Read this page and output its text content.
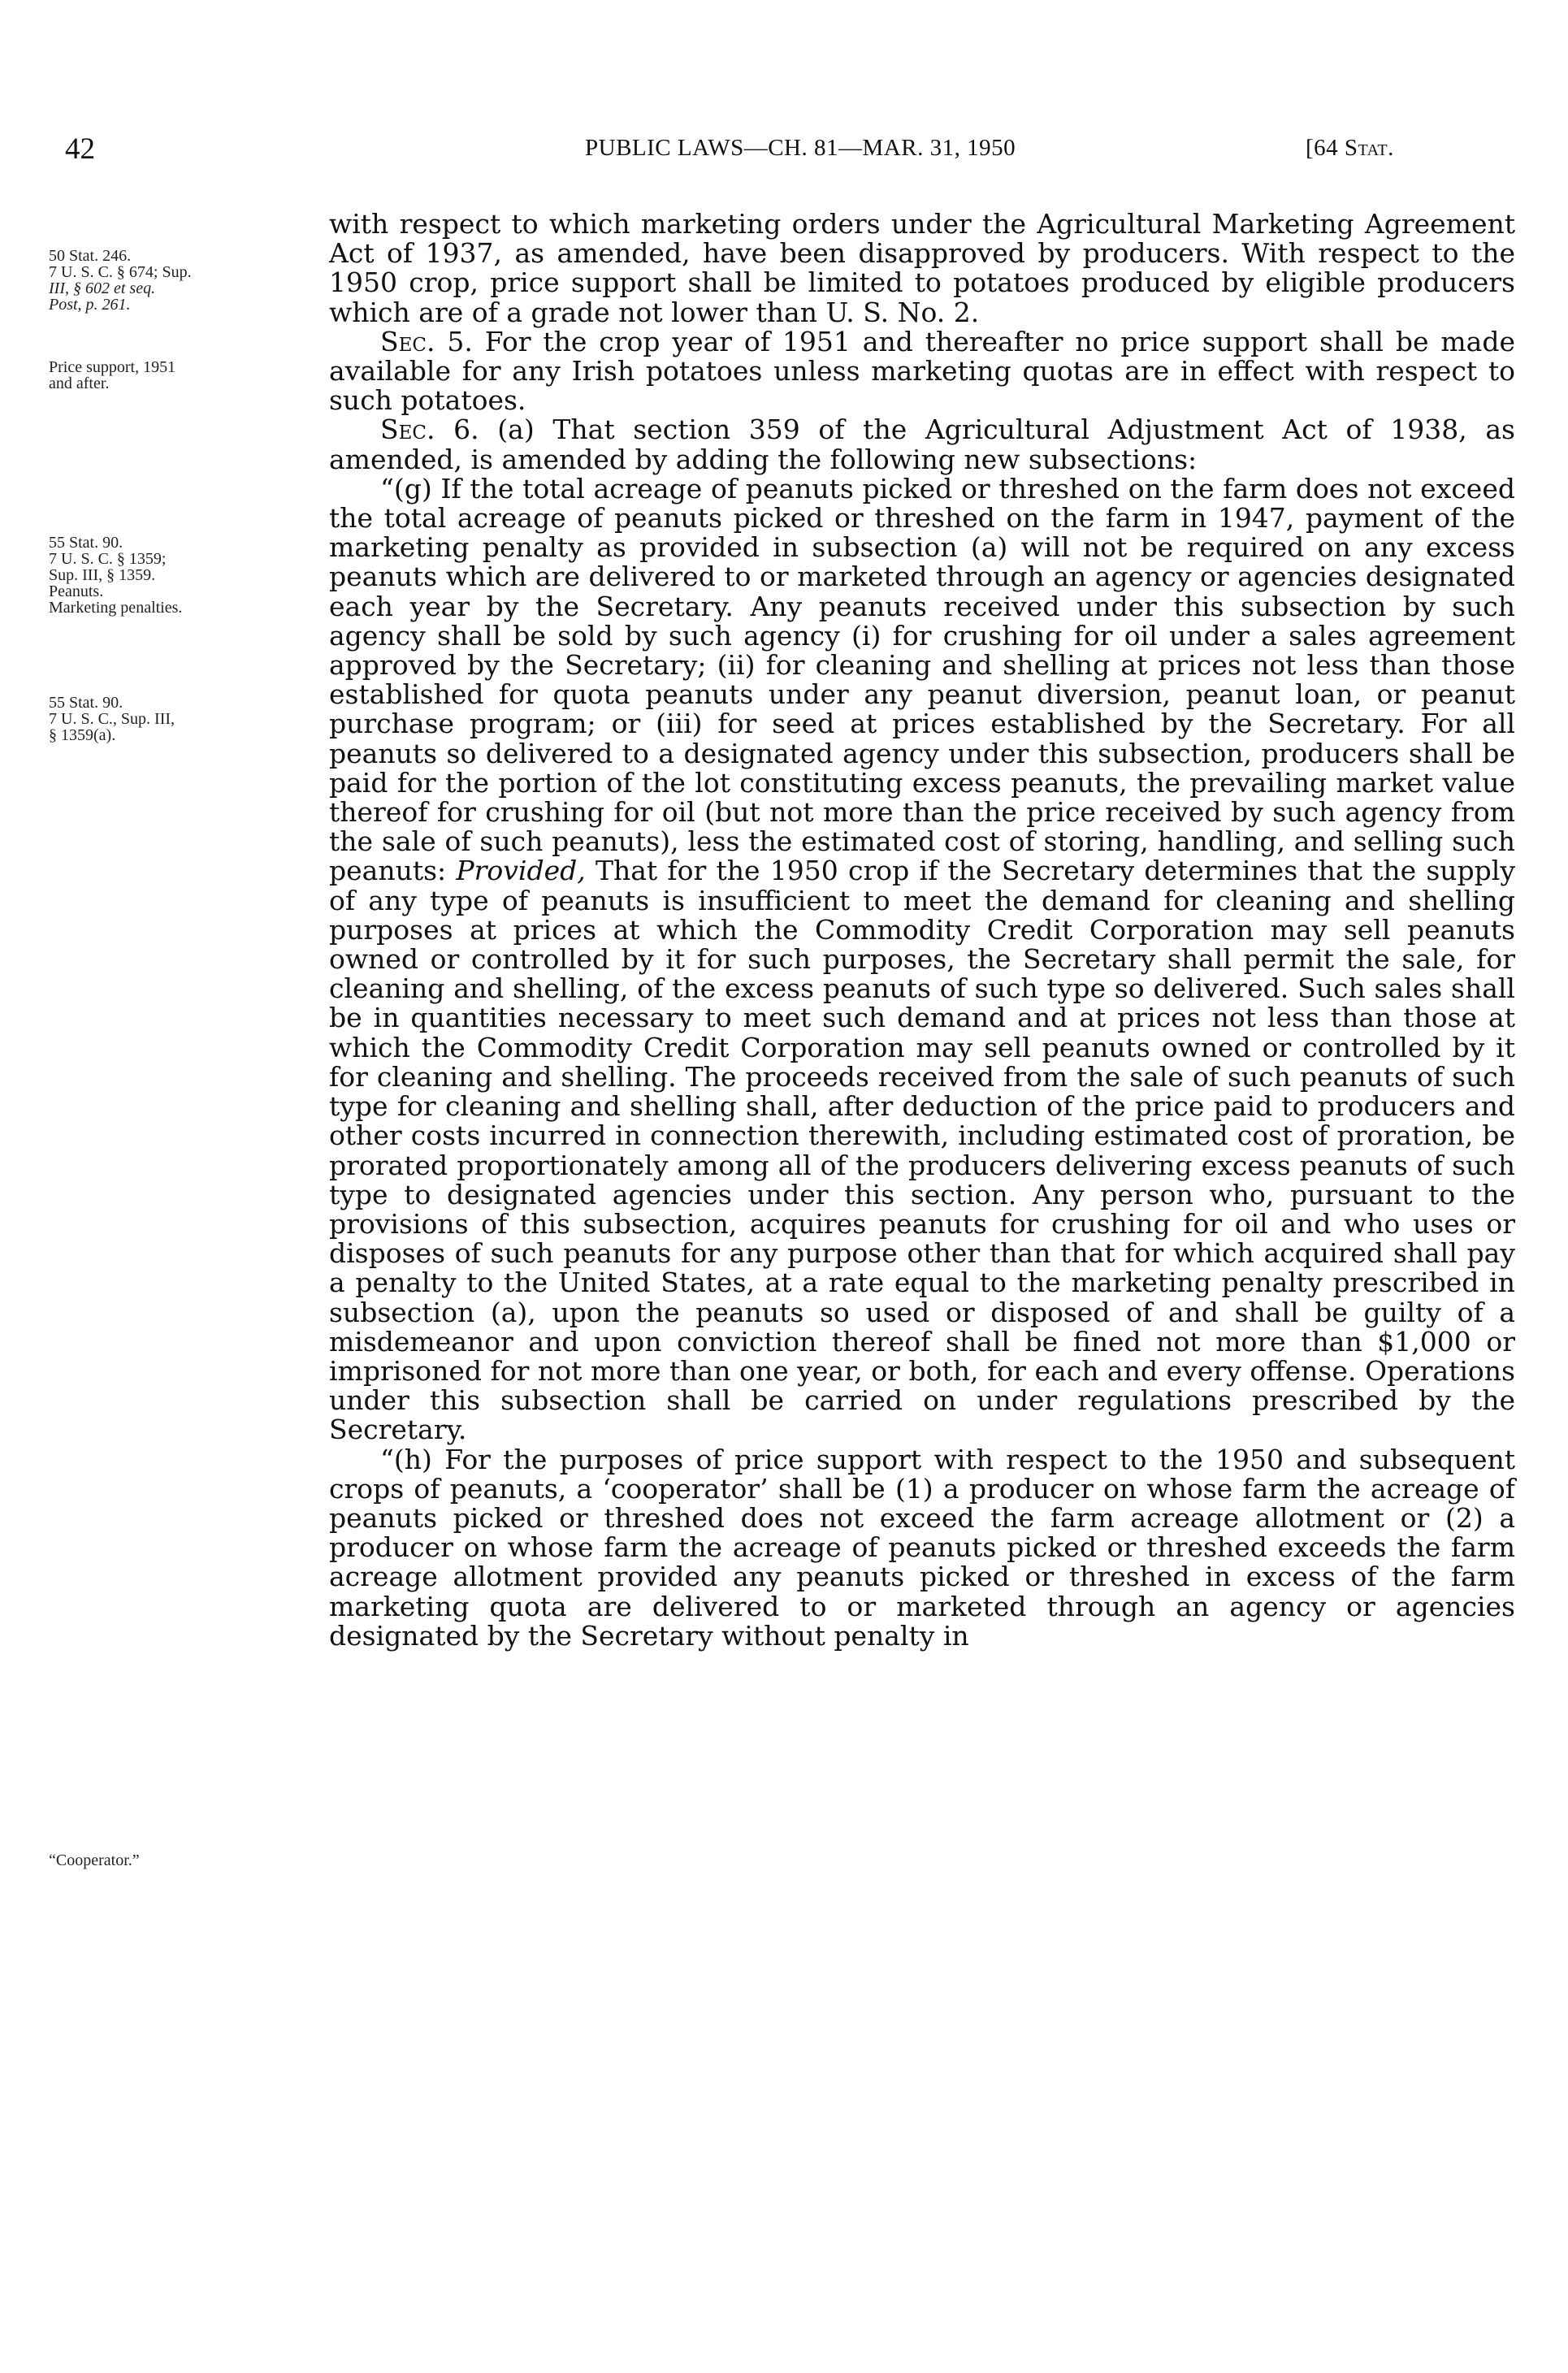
42	PUBLIC LAWS—CH. 81—MAR. 31, 1950	[64 Stat.
50 Stat. 246.
7 U. S. C. § 674; Sup.
III, § 602 et seq.
Post, p. 261.
Price support, 1951
and after.
55 Stat. 90.
7 U. S. C. § 1359;
Sup. III, § 1359.
Peanuts.
Marketing penalties.
55 Stat. 90.
7 U. S. C., Sup. III,
§ 1359(a).
“Cooperator.”

with respect to which marketing orders under the Agricultural Marketing Agreement Act of 1937, as amended, have been disapproved by producers. With respect to the 1950 crop, price support shall be limited to potatoes produced by eligible producers which are of a grade not lower than U. S. No. 2.

Sec. 5. For the crop year of 1951 and thereafter no price support shall be made available for any Irish potatoes unless marketing quotas are in effect with respect to such potatoes.

Sec. 6. (a) That section 359 of the Agricultural Adjustment Act of 1938, as amended, is amended by adding the following new subsections:

“(g) If the total acreage of peanuts picked or threshed on the farm does not exceed the total acreage of peanuts picked or threshed on the farm in 1947, payment of the marketing penalty as provided in subsection (a) will not be required on any excess peanuts which are delivered to or marketed through an agency or agencies designated each year by the Secretary. Any peanuts received under this subsection by such agency shall be sold by such agency (i) for crushing for oil under a sales agreement approved by the Secretary; (ii) for cleaning and shelling at prices not less than those established for quota peanuts under any peanut diversion, peanut loan, or peanut purchase program; or (iii) for seed at prices established by the Secretary. For all peanuts so delivered to a designated agency under this subsection, producers shall be paid for the portion of the lot constituting excess peanuts, the prevailing market value thereof for crushing for oil (but not more than the price received by such agency from the sale of such peanuts), less the estimated cost of storing, handling, and selling such peanuts: Provided, That for the 1950 crop if the Secretary determines that the supply of any type of peanuts is insufficient to meet the demand for cleaning and shelling purposes at prices at which the Commodity Credit Corporation may sell peanuts owned or controlled by it for such purposes, the Secretary shall permit the sale, for cleaning and shelling, of the excess peanuts of such type so delivered. Such sales shall be in quantities necessary to meet such demand and at prices not less than those at which the Commodity Credit Corporation may sell peanuts owned or controlled by it for cleaning and shelling. The proceeds received from the sale of such peanuts of such type for cleaning and shelling shall, after deduction of the price paid to producers and other costs incurred in connection therewith, including estimated cost of proration, be prorated proportionately among all of the producers delivering excess peanuts of such type to designated agencies under this section. Any person who, pursuant to the provisions of this subsection, acquires peanuts for crushing for oil and who uses or disposes of such peanuts for any purpose other than that for which acquired shall pay a penalty to the United States, at a rate equal to the marketing penalty prescribed in subsection (a), upon the peanuts so used or disposed of and shall be guilty of a misdemeanor and upon conviction thereof shall be fined not more than $1,000 or imprisoned for not more than one year, or both, for each and every offense. Operations under this subsection shall be carried on under regulations prescribed by the Secretary.

“(h) For the purposes of price support with respect to the 1950 and subsequent crops of peanuts, a ‘cooperator’ shall be (1) a producer on whose farm the acreage of peanuts picked or threshed does not exceed the farm acreage allotment or (2) a producer on whose farm the acreage of peanuts picked or threshed exceeds the farm acreage allotment provided any peanuts picked or threshed in excess of the farm marketing quota are delivered to or marketed through an agency or agencies designated by the Secretary without penalty in
